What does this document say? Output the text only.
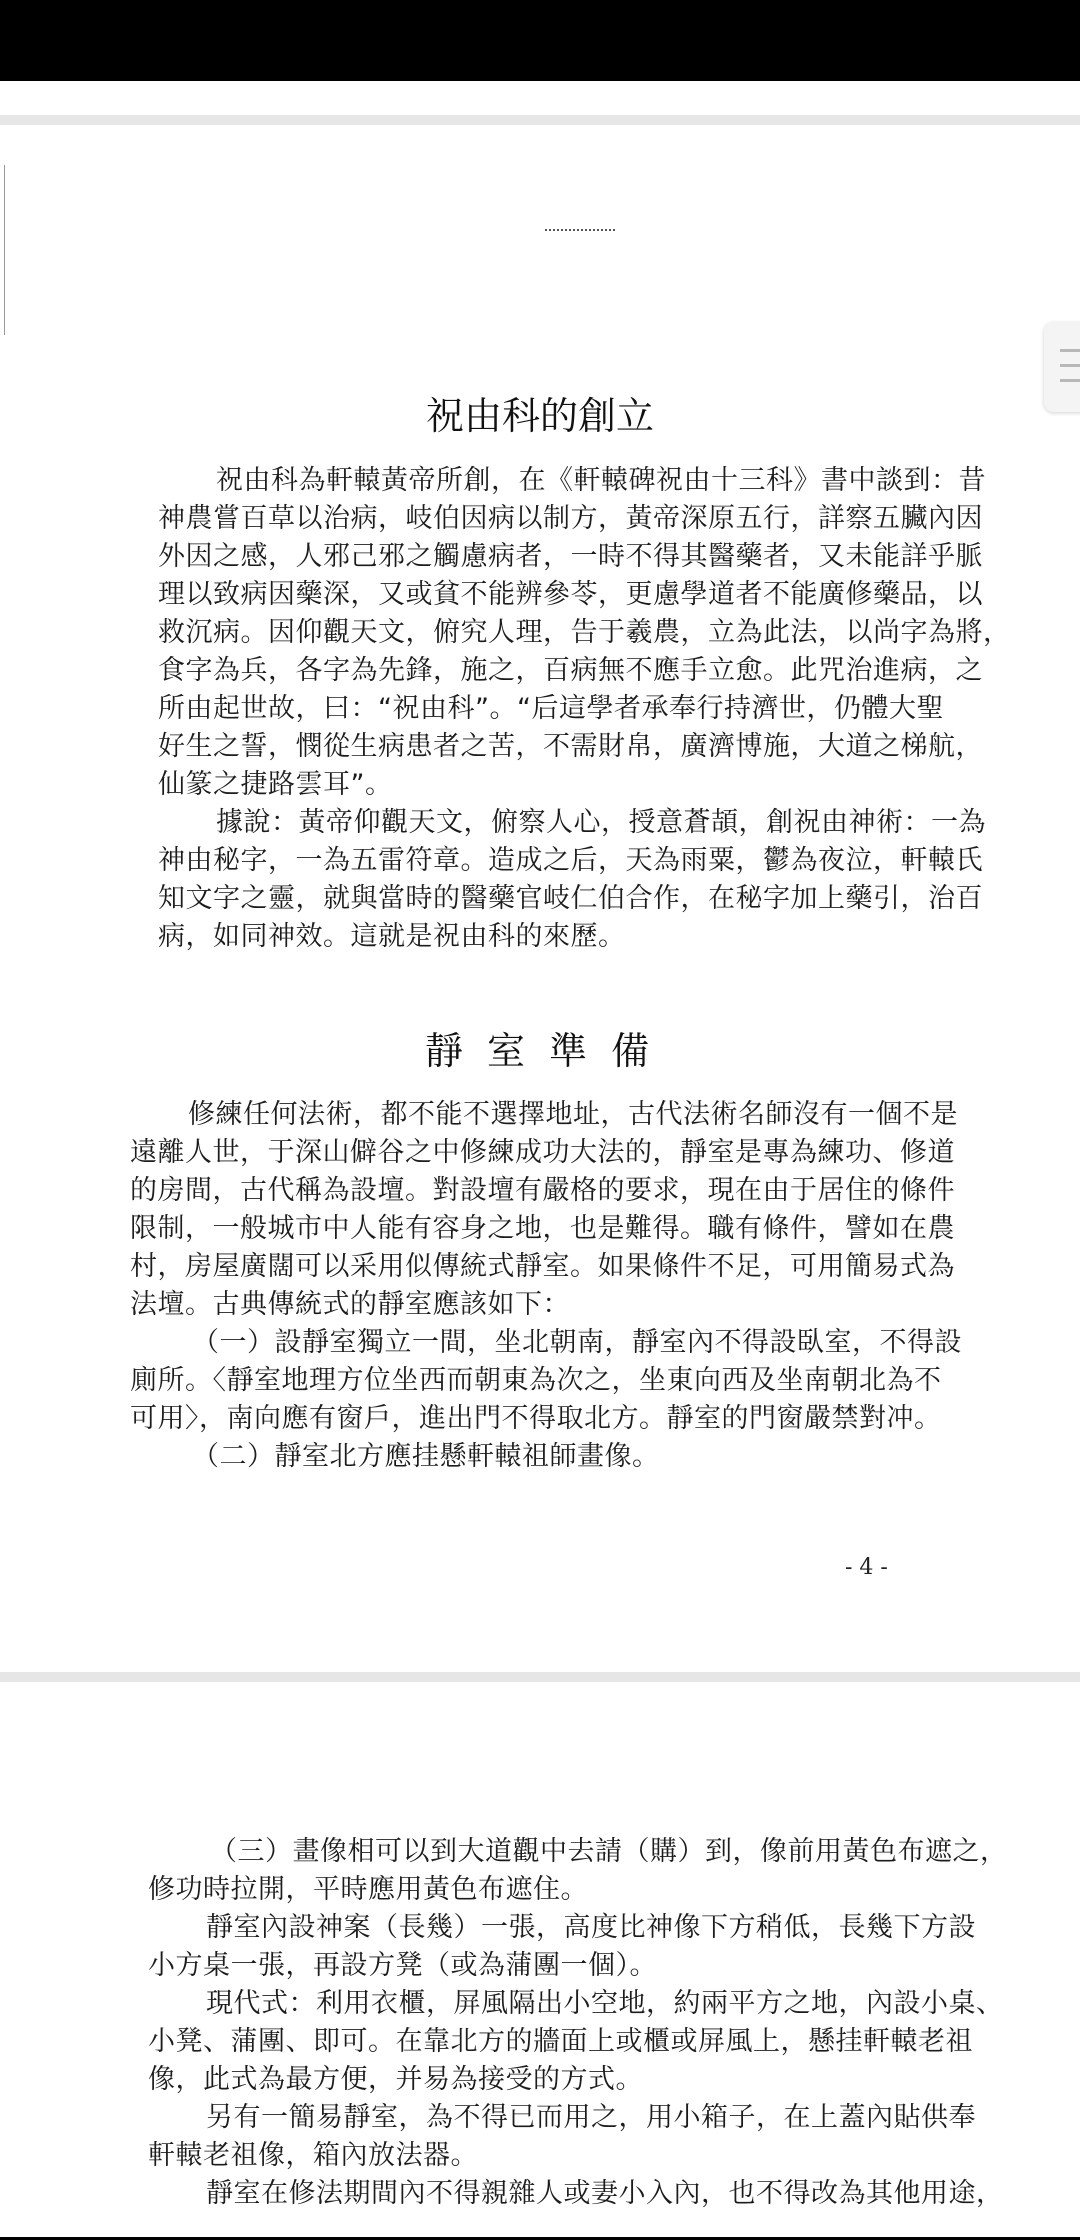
祝由科的創立
祝由科為軒轅黃帝所創，在《軒轅碑祝由十三科》書中談到：昔
神農嘗百草以治病，岐伯因病以制方，黃帝深原五行，詳察五臟內因
外因之感，人邪己邪之觸慮病者，一時不得其醫藥者，又未能詳乎脈
理以致病因藥深，又或貧不能辨參苓，更慮學道者不能廣修藥品，以
救沉病。因仰觀天文，俯究人理，告于羲農，立為此法，以尚字為將，
食字為兵，各字為先鋒，施之，百病無不應手立愈。此咒治進病，之
所由起世故，曰：“祝由科”。“后這學者承奉行持濟世，仍體大聖
好生之誓，憫從生病患者之苦，不需財帛，廣濟博施，大道之梯航，
仙篆之捷路雲耳”。
據說：黃帝仰觀天文，俯察人心，授意蒼頡，創祝由神術：一為
神由秘字，一為五雷符章。造成之后，天為雨粟，鬱為夜泣，軒轅氏
知文字之靈，就與當時的醫藥官岐仁伯合作，在秘字加上藥引，治百
病，如同神效。這就是祝由科的來歷。
靜 室 準 備
修練任何法術，都不能不選擇地址，古代法術名師沒有一個不是
遠離人世，于深山僻谷之中修練成功大法的，靜室是專為練功、修道
的房間，古代稱為設壇。對設壇有嚴格的要求，現在由于居住的條件
限制，一般城市中人能有容身之地，也是難得。職有條件，譬如在農
村，房屋廣闊可以采用似傳統式靜室。如果條件不足，可用簡易式為
法壇。古典傳統式的靜室應該如下：
（一）設靜室獨立一間，坐北朝南，靜室內不得設臥室，不得設
廁所。〈靜室地理方位坐西而朝東為次之，坐東向西及坐南朝北為不
可用〉，南向應有窗戶，進出門不得取北方。靜室的門窗嚴禁對冲。
（二）靜室北方應挂懸軒轅祖師畫像。
- 4 -
（三）畫像相可以到大道觀中去請（購）到，像前用黃色布遮之，
修功時拉開，平時應用黃色布遮住。
靜室內設神案（長幾）一張，高度比神像下方稍低，長幾下方設
小方桌一張，再設方凳（或為蒲團一個）。
現代式：利用衣櫃，屏風隔出小空地，約兩平方之地，內設小桌、
小凳、蒲團、即可。在靠北方的牆面上或櫃或屏風上，懸挂軒轅老祖
像，此式為最方便，并易為接受的方式。
另有一簡易靜室，為不得已而用之，用小箱子，在上蓋內貼供奉
軒轅老祖像，箱內放法器。
靜室在修法期間內不得親雜人或妻小入內，也不得改為其他用途，
